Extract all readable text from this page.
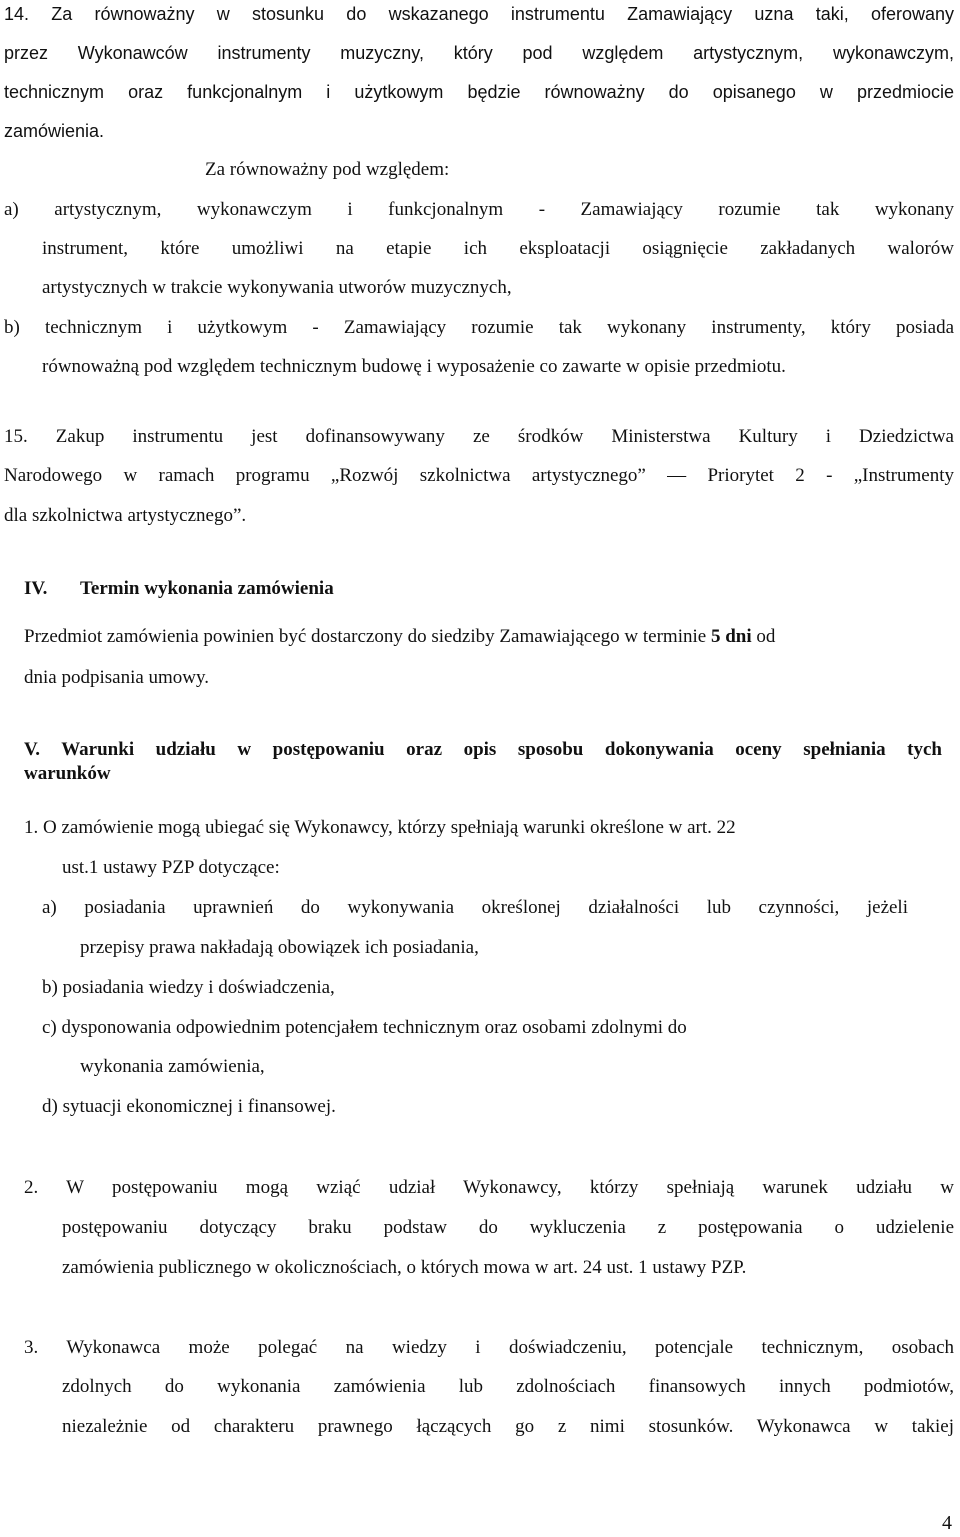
14. Za równoważny w stosunku do wskazanego instrumentu Zamawiający uzna taki, oferowany
przez Wykonawców instrumenty muzyczny, który pod względem artystycznym, wykonawczym,
technicznym oraz funkcjonalnym i użytkowym będzie równoważny do opisanego w przedmiocie
zamówienia.
Za równoważny pod względem:
a) artystycznym, wykonawczym i funkcjonalnym - Zamawiający rozumie tak wykonany
instrument, które umożliwi na etapie ich eksploatacji osiągnięcie zakładanych walorów
artystycznych w trakcie wykonywania utworów muzycznych,
b) technicznym i użytkowym - Zamawiający rozumie tak wykonany instrumenty, który posiada
równoważną pod względem technicznym budowę i wyposażenie co zawarte w opisie przedmiotu.
15. Zakup instrumentu jest dofinansowywany ze środków Ministerstwa Kultury i Dziedzictwa
Narodowego w ramach programu „Rozwój szkolnictwa artystycznego” — Priorytet 2 - „Instrumenty
dla szkolnictwa artystycznego”.
IV. Termin wykonania zamówienia
Przedmiot zamówienia powinien być dostarczony do siedziby Zamawiającego w terminie 5 dni od
dnia podpisania umowy.
V. Warunki udziału w postępowaniu oraz opis sposobu dokonywania oceny spełniania tych
warunków
1. O zamówienie mogą ubiegać się Wykonawcy, którzy spełniają warunki określone w art. 22
ust.1 ustawy PZP dotyczące:
a) posiadania uprawnień do wykonywania określonej działalności lub czynności, jeżeli
przepisy prawa nakładają obowiązek ich posiadania,
b) posiadania wiedzy i doświadczenia,
c) dysponowania odpowiednim potencjałem technicznym oraz osobami zdolnymi do
wykonania zamówienia,
d) sytuacji ekonomicznej i finansowej.
2. W postępowaniu mogą wziąć udział Wykonawcy, którzy spełniają warunek udziału w
postępowaniu dotyczący braku podstaw do wykluczenia z postępowania o udzielenie
zamówienia publicznego w okolicznościach, o których mowa w art. 24 ust. 1 ustawy PZP.
3. Wykonawca może polegać na wiedzy i doświadczeniu, potencjale technicznym, osobach
zdolnych do wykonania zamówienia lub zdolnościach finansowych innych podmiotów,
niezależnie od charakteru prawnego łączących go z nimi stosunków. Wykonawca w takiej
4
